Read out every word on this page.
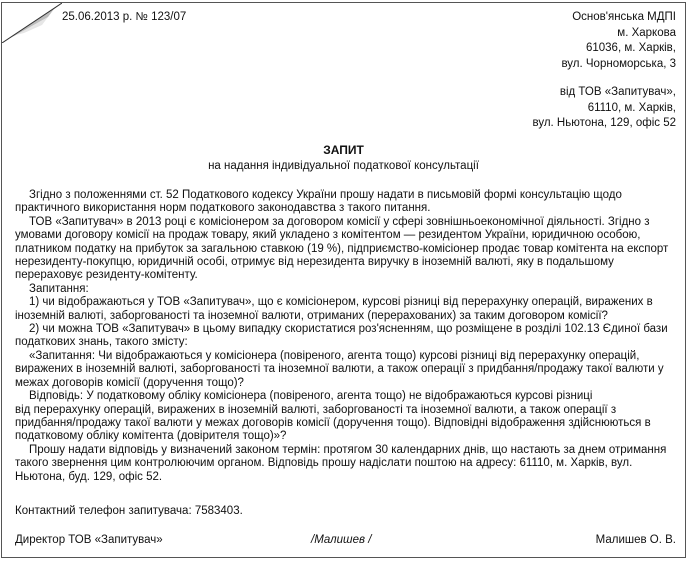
25.06.2013 р. № 123/07	Основ'янська МДПІ
м. Харкова
61036, м. Харків,
вул. Чорноморська, 3
від ТОВ «Запитувач»,
61110, м. Харків,
вул. Ньютона, 129, офіс 52
ЗАПИТ
на надання індивідуальної податкової консультації

Згідно з положеннями ст. 52 Податкового кодексу України прошу надати в письмовій формі консультацію щодо практичного використання норм податкового законодавства з такого питання.

ТОВ «Запитувач» в 2013 році є комісіонером за договором комісії у сфері зовнішньоекономічної діяльності. Згідно з умовами договору комісії на продаж товару, який укладено з комітентом — резидентом України, юридичною особою, платником податку на прибуток за загальною ставкою (19 %), підприємство-комісіонер продає товар комітента на експорт нерезиденту-покупцю, юридичній особі, отримує від нерезидента виручку в іноземній валюті, яку в подальшому перераховує резиденту-комітенту.

Запитання:

1) чи відображаються у ТОВ «Запитувач», що є комісіонером, курсові різниці від перерахунку операцій, виражених в іноземній валюті, заборгованості та іноземної валюти, отриманих (перерахованих) за таким договором комісії?

2) чи можна ТОВ «Запитувач» в цьому випадку скористатися роз'ясненням, що розміщене в розділі 102.13 Єдиної бази податкових знань, такого змісту:

«Запитання: Чи відображаються у комісіонера (повіреного, агента тощо) курсові різниці від перерахунку операцій, виражених в іноземній валюті, заборгованості та іноземної валюти, а також операції з придбання/продажу такої валюти у межах договорів комісії (доручення тощо)?

Відповідь: У податковому обліку комісіонера (повіреного, агента тощо) не відображаються курсові різниці

від перерахунку операцій, виражених в іноземній валюті, заборгованості та іноземної валюти, а також операції з придбання/продажу такої валюти у межах договорів комісії (доручення тощо). Відповідні відображення здійснюються в податковому обліку комітента (довірителя тощо)»?

Прошу надати відповідь у визначений законом термін: протягом 30 календарних днів, що настають за днем отримання такого звернення цим контролюючим органом. Відповідь прошу надіслати поштою на адресу: 61110, м. Харків, вул. Ньютона, буд. 129, офіс 52.

Контактний телефон запитувача: 7583403.
Директор ТОВ «Запитувач»	/Малишев /	Малишев О. В.
